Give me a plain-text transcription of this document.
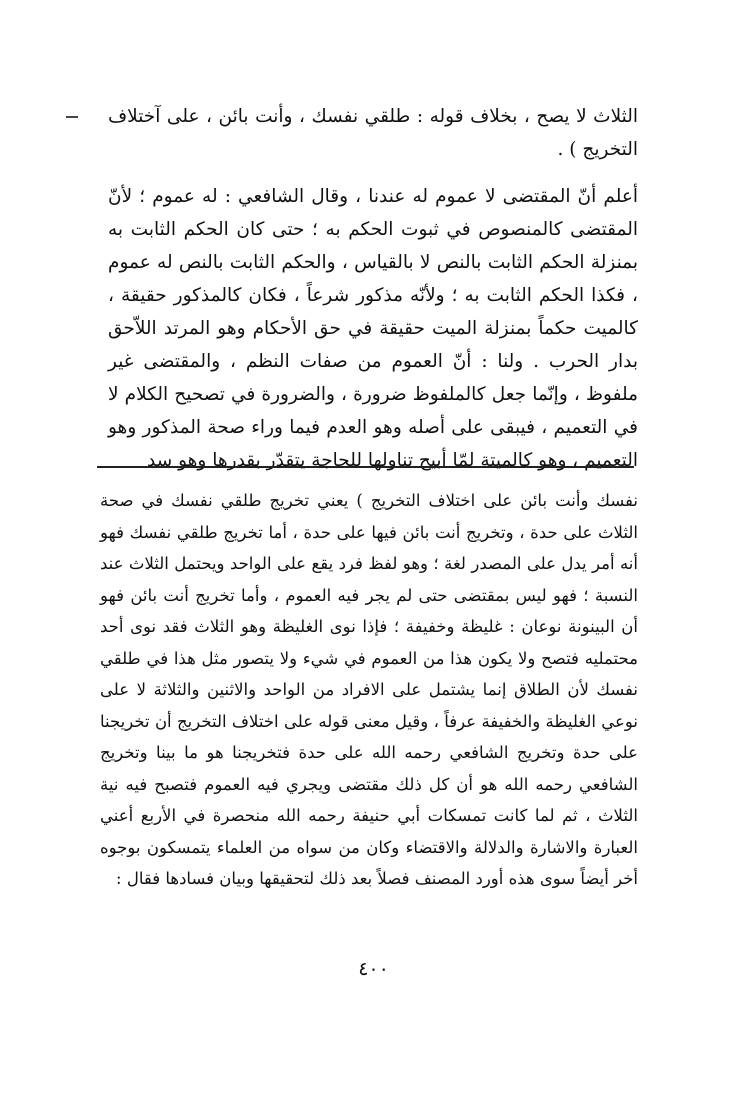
الثلاث لا يصح ، بخلاف قوله : طلقي نفسك ، وأنت بائن ، على آختلاف التخريج ) .

أعلم أنّ المقتضى لا عموم له عندنا ، وقال الشافعي : له عموم ؛ لأنّ المقتضى كالمنصوص في ثبوت الحكم به ؛ حتى كان الحكم الثابت به بمنزلة الحكم الثابت بالنص لا بالقياس ، والحكم الثابت بالنص له عموم ، فكذا الحكم الثابت به ؛ ولأنّه مذكور شرعاً ، فكان كالمذكور حقيقة ، كالميت حكماً بمنزلة الميت حقيقة في حق الأحكام وهو المرتد اللاّحق بدار الحرب . ولنا : أنّ العموم من صفات النظم ، والمقتضى غير ملفوظ ، وإنّما جعل كالملفوظ ضرورة ، والضرورة في تصحيح الكلام لا في التعميم ، فيبقى على أصله وهو العدم فيما وراء صحة المذكور وهو التعميم ، وهو كالميتة لمّا أبيح تناولها للحاجة يتقدّر بقدرها وهو سد

نفسك وأنت بائن على اختلاف التخريج ) يعني تخريج طلقي نفسك في صحة الثلاث على حدة ، وتخريج أنت بائن فيها على حدة ، أما تخريج طلقي نفسك فهو أنه أمر يدل على المصدر لغة ؛ وهو لفظ فرد يقع على الواحد ويحتمل الثلاث عند النسبة ؛ فهو ليس بمقتضى حتى لم يجر فيه العموم ، وأما تخريج أنت بائن فهو أن البينونة نوعان : غليظة وخفيفة ؛ فإذا نوى الغليظة وهو الثلاث فقد نوى أحد محتمليه فتصح ولا يكون هذا من العموم في شيء ولا يتصور مثل هذا في طلقي نفسك لأن الطلاق إنما يشتمل على الافراد من الواحد والاثنين والثلاثة لا على نوعي الغليظة والخفيفة عرفاً ، وقيل معنى قوله على اختلاف التخريج أن تخريجنا على حدة وتخريج الشافعي رحمه الله على حدة فتخريجنا هو ما بينا وتخريج الشافعي رحمه الله هو أن كل ذلك مقتضى ويجري فيه العموم فتصبح فيه نية الثلاث ، ثم لما كانت تمسكات أبي حنيفة رحمه الله منحصرة في الأربع أعني العبارة والاشارة والدلالة والاقتضاء وكان من سواه من العلماء يتمسكون بوجوه أخر أيضاً سوى هذه أورد المصنف فصلاً بعد ذلك لتحقيقها وبيان فسادها فقال :

٤٠٠
